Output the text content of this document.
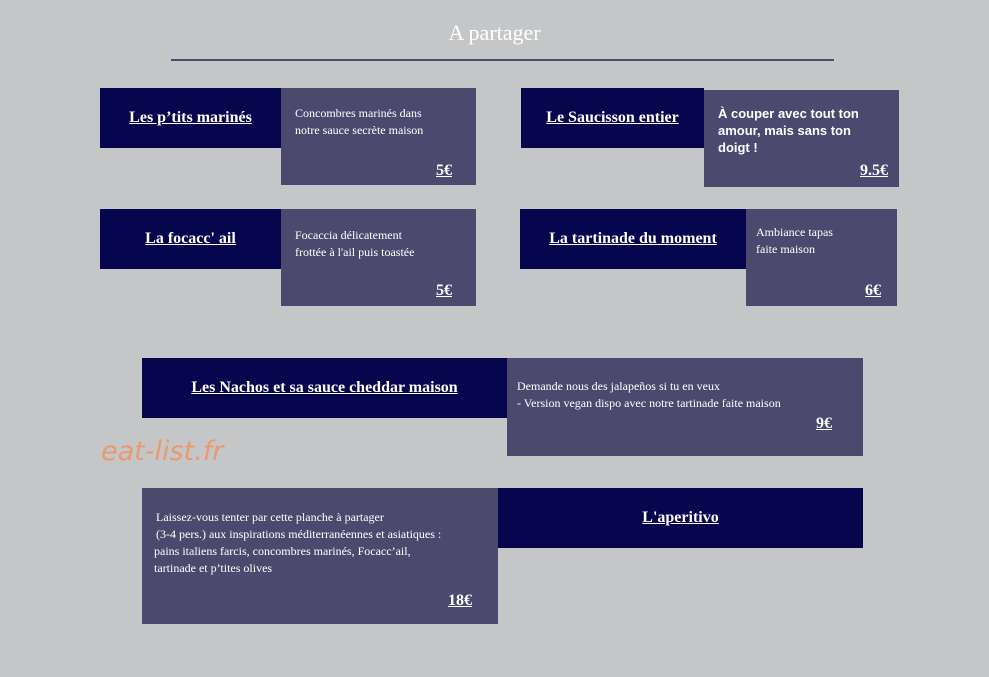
A partager
Les p’tits marinés	Concombres marinés dans
notre sauce secrète maison
5€
Le Saucisson entier	À couper avec tout ton
amour, mais sans ton
doigt !
9.5€
La focacc' ail	Focaccia délicatement
frottée à l'ail puis toastée
5€
La tartinade du moment	Ambiance tapas
faite maison
6€
Les Nachos et sa sauce cheddar maison	Demande nous des jalapeños si tu en veux
- Version vegan dispo avec notre tartinade faite maison
9€
Laissez-vous tenter par cette planche à partager
(3-4 pers.) aux inspirations méditerranéennes et asiatiques :
pains italiens farcis, concombres marinés, Focacc’ail,
tartinade et p’tites olives
18€
L'aperitivo
eat-list.fr
